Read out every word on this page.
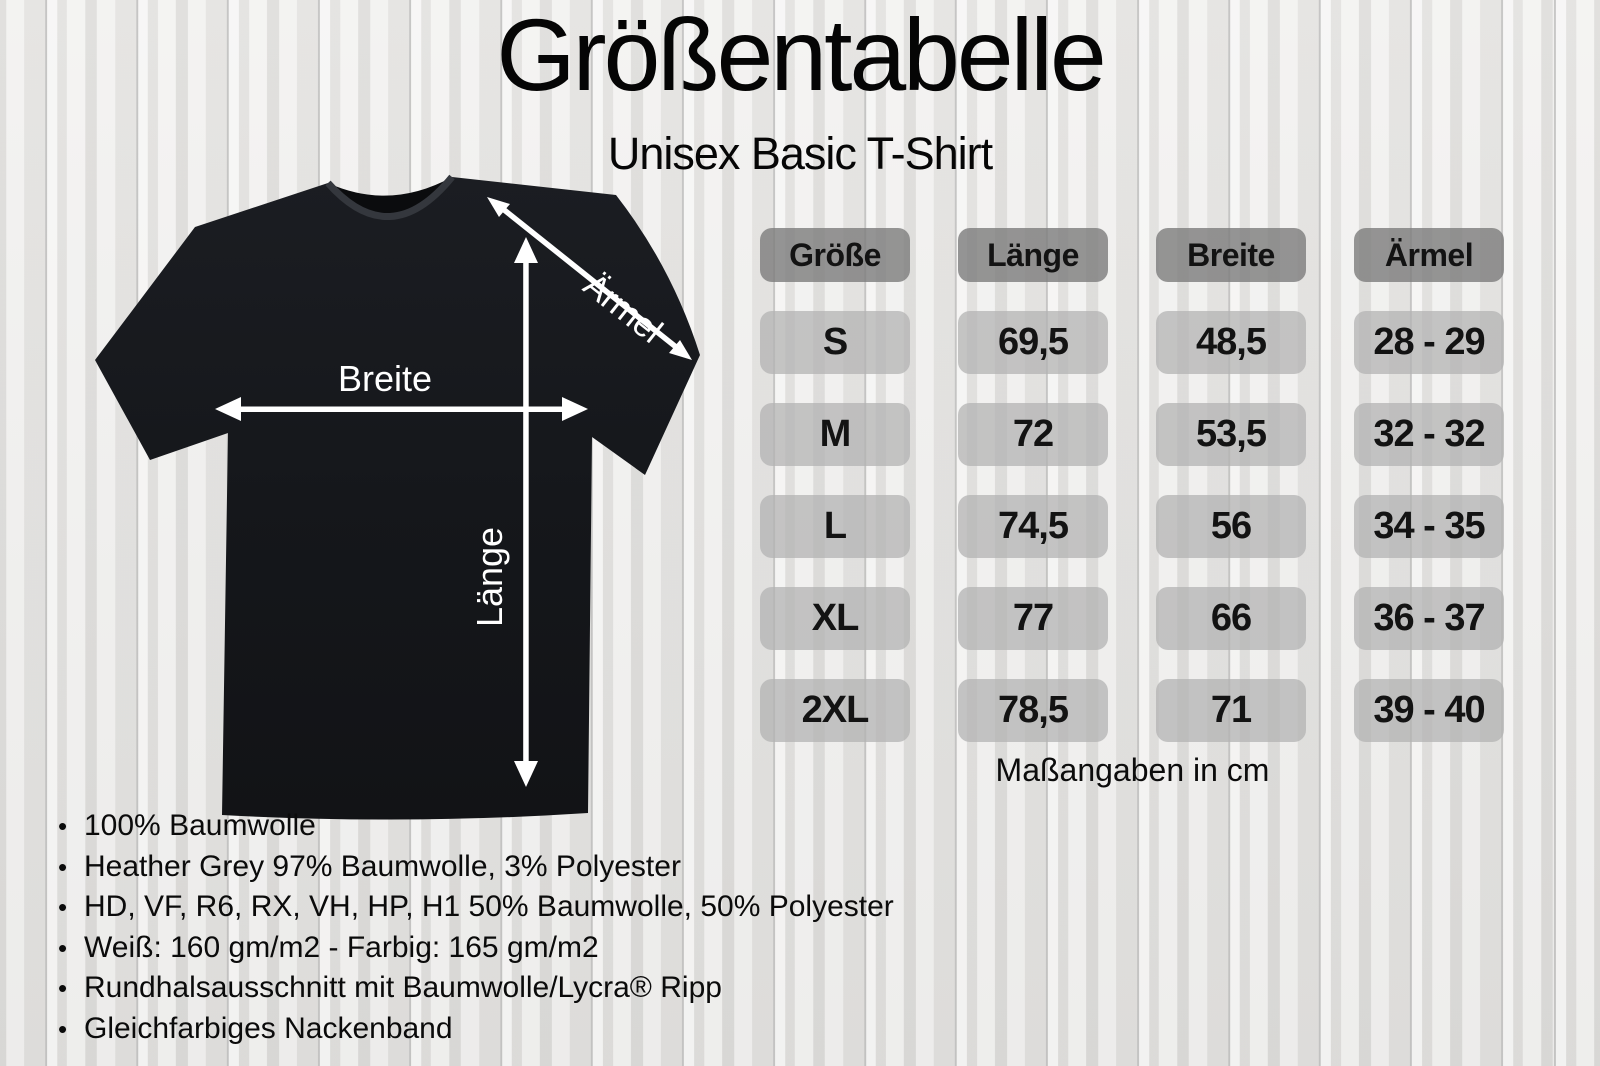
Größentabelle
Unisex Basic T-Shirt
Breite
Länge
Ärmel
Größe	Länge	Breite	Ärmel
S	69,5	48,5	28 - 29
M	72	53,5	32 - 32
L	74,5	56	34 - 35
XL	77	66	36 - 37
2XL	78,5	71	39 - 40
Maßangaben in cm
• 100% Baumwolle
• Heather Grey 97% Baumwolle, 3% Polyester
• HD, VF, R6, RX, VH, HP, H1 50% Baumwolle, 50% Polyester
• Weiß: 160 gm/m2 - Farbig: 165 gm/m2
• Rundhalsausschnitt mit Baumwolle/Lycra® Ripp
• Gleichfarbiges Nackenband
